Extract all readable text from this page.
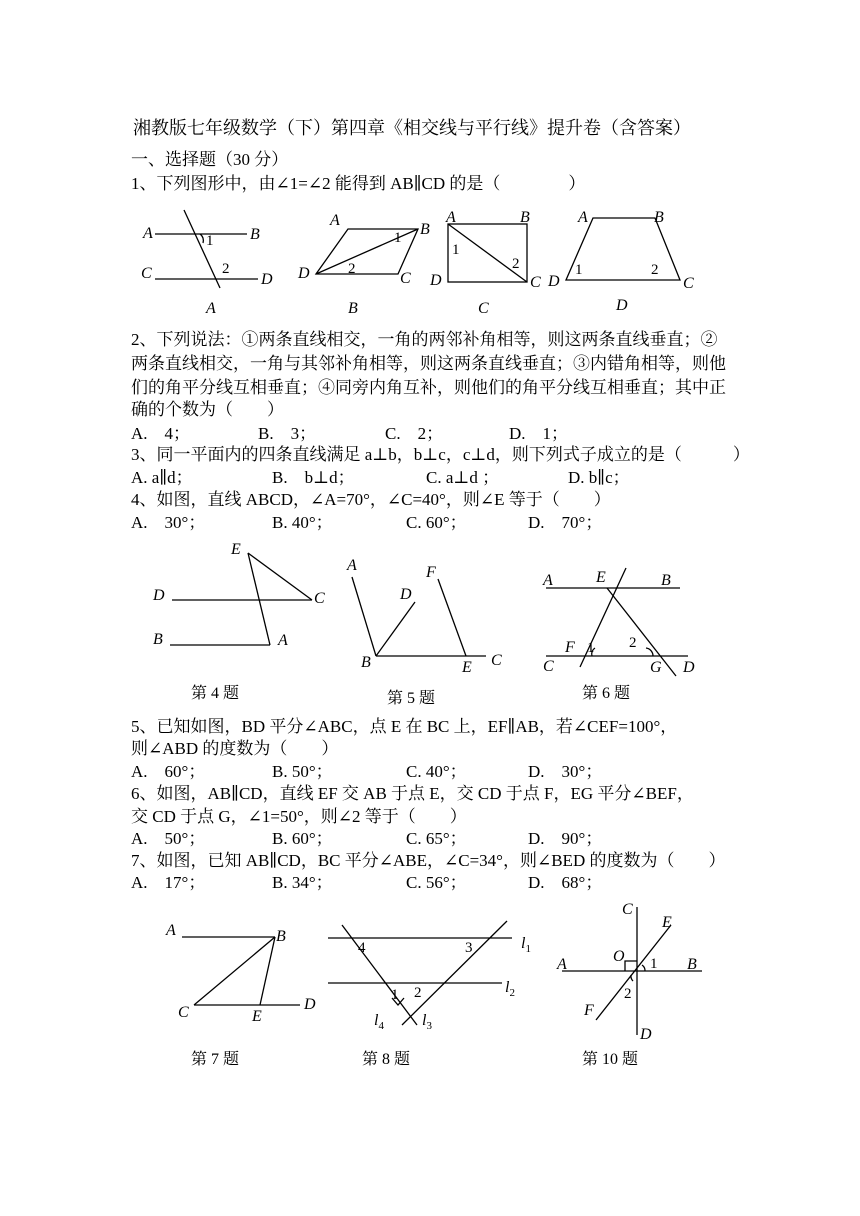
湘教版七年级数学（下）第四章《相交线与平行线》提升卷（含答案）
一、选择题（30 分）
1、下列图形中，由∠1=∠2 能得到 AB∥CD 的是（　　　　）
A	B
C	D
1
2
A
A
B
C
D
1
2
B
A	B
C
D
1
2
C
A	B
C
D
1	2
D
2、下列说法：①两条直线相交，一角的两邻补角相等，则这两条直线垂直；②
两条直线相交，一角与其邻补角相等，则这两条直线垂直；③内错角相等，则他
们的角平分线互相垂直；④同旁内角互补，则他们的角平分线互相垂直；其中正
确的个数为（　　）
A.　4；	B.　3；	C.　2；	D.　1；
3、同一平面内的四条直线满足 a⊥b，b⊥c，c⊥d，则下列式子成立的是（　　　）
A. a∥d；	B.　b⊥d；	C. a⊥d ；	D. b∥c；
4、如图，直线 ABCD，∠A=70°，∠C=40°，则∠E 等于（　　）
A.　30°；	B. 40°；	C. 60°；	D.　70°；
E
D	C
B	A
A	F
D
B	E C
A	E	B
1 2
F
C	G D
第 4 题	第 5 题	第 6 题
5、已知如图，BD 平分∠ABC，点 E 在 BC 上，EF∥AB，若∠CEF=100°，
则∠ABD 的度数为（　　）
A.　60°；	B. 50°；	C. 40°；	D.　30°；
6、如图，AB∥CD，直线 EF 交 AB 于点 E，交 CD 于点 F，EG 平分∠BEF，
交 CD 于点 G，∠1=50°，则∠2 等于（　　）
A.　50°；	B. 60°；	C. 65°；	D.　90°；
7、如图，已知 AB∥CD，BC 平分∠ABE，∠C=34°，则∠BED 的度数为（　　）
A.　17°；	B. 34°；	C. 56°；	D.　68°；
A	B
C	E
D
4	3	$l_1$
1 2	$l_2$
$l_4$ $l_3$
C
E
O 1
A	B
2
F
D
第 7 题	第 8 题	第 10 题
